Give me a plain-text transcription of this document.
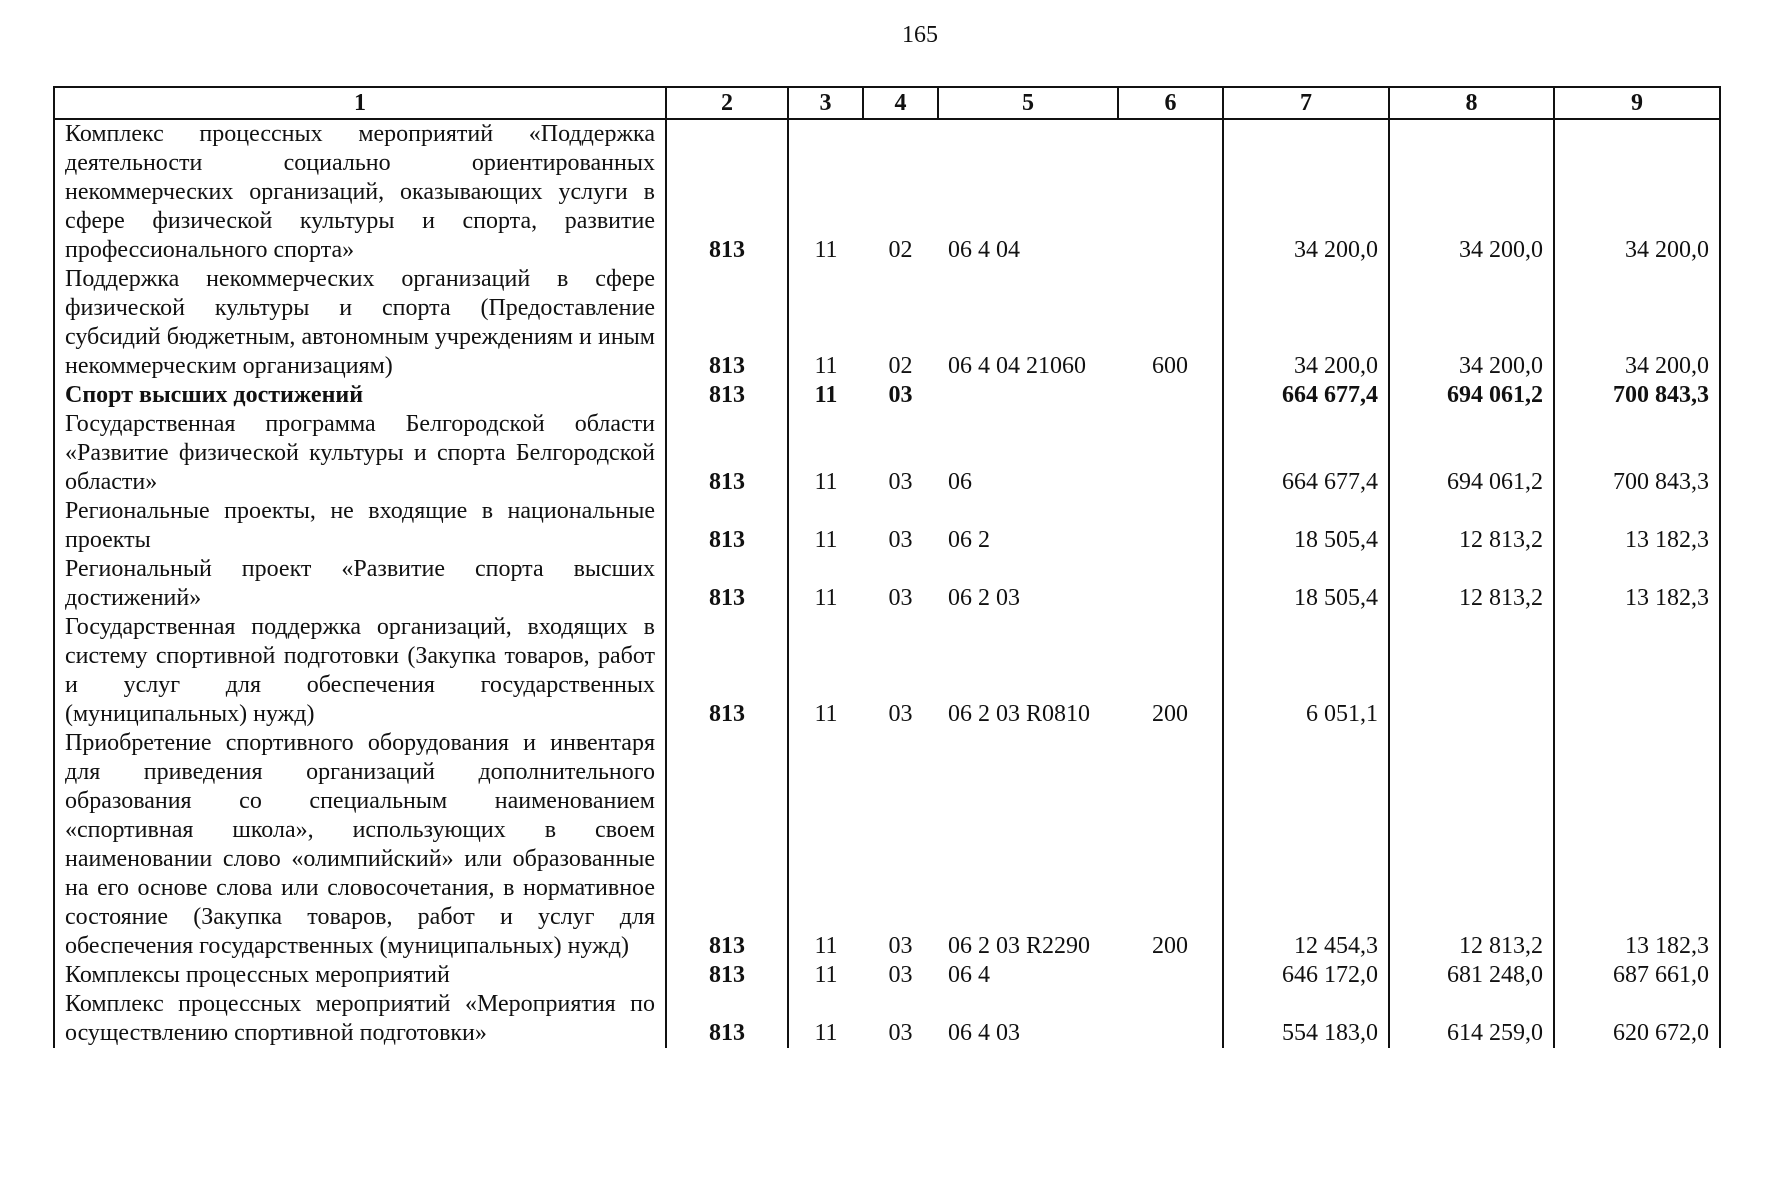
165
1	2	3	4	5	6	7	8	9
Комплекс процессных мероприятий «Поддержка деятельности социально ориентированных некоммерческих организаций, оказывающих услуги в сфере физической культуры и спорта, развитие профессионального спорта»	813	11	02	06 4 04		34 200,0	34 200,0	34 200,0
Поддержка некоммерческих организаций в сфере физической культуры и спорта (Предоставление субсидий бюджетным, автономным учреждениям и иным некоммерческим организациям)	813	11	02	06 4 04 21060	600	34 200,0	34 200,0	34 200,0
Спорт высших достижений	813	11	03			664 677,4	694 061,2	700 843,3
Государственная программа Белгородской области «Развитие физической культуры и спорта Белгородской области»	813	11	03	06		664 677,4	694 061,2	700 843,3
Региональные проекты, не входящие в национальные проекты	813	11	03	06 2		18 505,4	12 813,2	13 182,3
Региональный проект «Развитие спорта высших достижений»	813	11	03	06 2 03		18 505,4	12 813,2	13 182,3
Государственная поддержка организаций, входящих в систему спортивной подготовки (Закупка товаров, работ и услуг для обеспечения государственных (муниципальных) нужд)	813	11	03	06 2 03 R0810	200	6 051,1		
Приобретение спортивного оборудования и инвентаря для приведения организаций дополнительного образования со специальным наименованием «спортивная школа», использующих в своем наименовании слово «олимпийский» или образованные на его основе слова или словосочетания, в нормативное состояние (Закупка товаров, работ и услуг для обеспечения государственных (муниципальных) нужд)	813	11	03	06 2 03 R2290	200	12 454,3	12 813,2	13 182,3
Комплексы процессных мероприятий	813	11	03	06 4		646 172,0	681 248,0	687 661,0
Комплекс процессных мероприятий «Мероприятия по осуществлению спортивной подготовки»	813	11	03	06 4 03		554 183,0	614 259,0	620 672,0
